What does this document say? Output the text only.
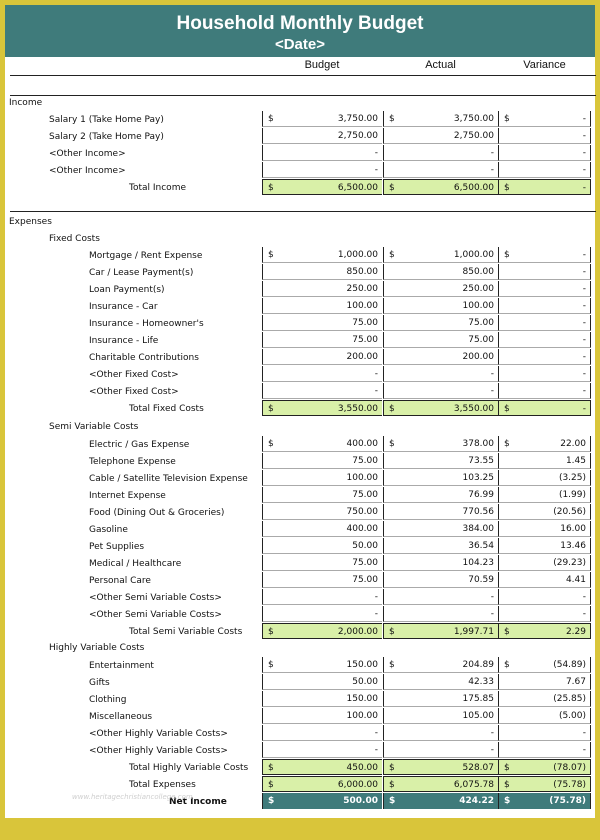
Household Monthly Budget
<Date>
Budget	Actual	Variance
Income
Salary 1 (Take Home Pay)	$	3,750.00 $	3,750.00 $	-
Salary 2 (Take Home Pay)	2,750.00	2,750.00	-
<Other Income>	-	-	-
<Other Income>	-	-	-
Total Income	$	6,500.00 $	6,500.00 $	-
Expenses
Fixed Costs
Mortgage / Rent Expense	$	1,000.00 $	1,000.00 $	-
Car / Lease Payment(s)	850.00	850.00	-
Loan Payment(s)	250.00	250.00	-
Insurance - Car	100.00	100.00	-
Insurance - Homeowner's	75.00	75.00	-
Insurance - Life	75.00	75.00	-
Charitable Contributions	200.00	200.00	-
<Other Fixed Cost>	-	-	-
<Other Fixed Cost>	-	-	-
Total Fixed Costs	$	3,550.00 $	3,550.00 $	-
Semi Variable Costs
Electric / Gas Expense	$	400.00 $	378.00 $	22.00
Telephone Expense	75.00	73.55	1.45
Cable / Satellite Television Expense	100.00	103.25	(3.25)
Internet Expense	75.00	76.99	(1.99)
Food (Dining Out & Groceries)	750.00	770.56	(20.56)
Gasoline	400.00	384.00	16.00
Pet Supplies	50.00	36.54	13.46
Medical / Healthcare	75.00	104.23	(29.23)
Personal Care	75.00	70.59	4.41
<Other Semi Variable Costs>	-	-	-
<Other Semi Variable Costs>	-	-	-
Total Semi Variable Costs	$	2,000.00 $	1,997.71 $	2.29
Highly Variable Costs
Entertainment	$	150.00 $	204.89 $	(54.89)
Gifts	50.00	42.33	7.67
Clothing	150.00	175.85	(25.85)
Miscellaneous	100.00	105.00	(5.00)
<Other Highly Variable Costs>	-	-	-
<Other Highly Variable Costs>	-	-	-
Total Highly Variable Costs $	450.00 $	528.07 $	(78.07)
Total Expenses	$	6,000.00 $	6,075.78 $	(75.78)
Net Income	$	500.00 $	424.22 $	(75.78)
www.heritagechristiancollege.com
